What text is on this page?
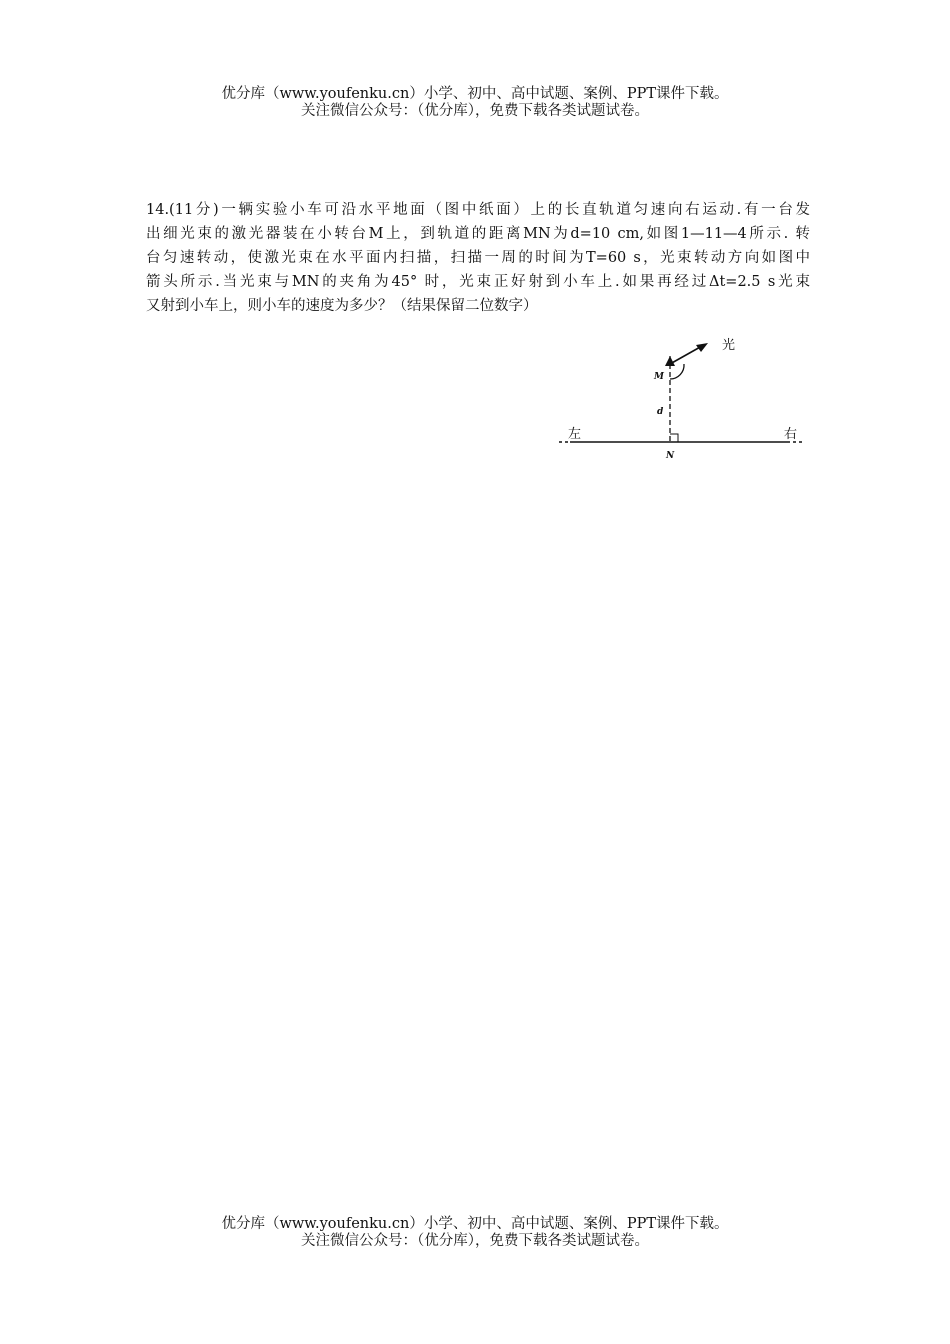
优分库（www.youfenku.cn）小学、初中、高中试题、案例、PPT课件下载。
关注微信公众号：（优分库），免费下载各类试题试卷。
14.(11分)一辆实验小车可沿水平地面（图中纸面）上的长直轨道匀速向右运动.有一台发
出细光束的激光器装在小转台M上，到轨道的距离MN为d=10 cm,如图1—11—4所示. 转
台匀速转动，使激光束在水平面内扫描，扫描一周的时间为T=60 s，光束转动方向如图中
箭头所示.当光束与MN的夹角为45° 时，光束正好射到小车上.如果再经过Δt=2.5 s光束
又射到小车上，则小车的速度为多少？（结果保留二位数字）
光
M
d
左	右
N
优分库（www.youfenku.cn）小学、初中、高中试题、案例、PPT课件下载。
关注微信公众号：（优分库），免费下载各类试题试卷。
